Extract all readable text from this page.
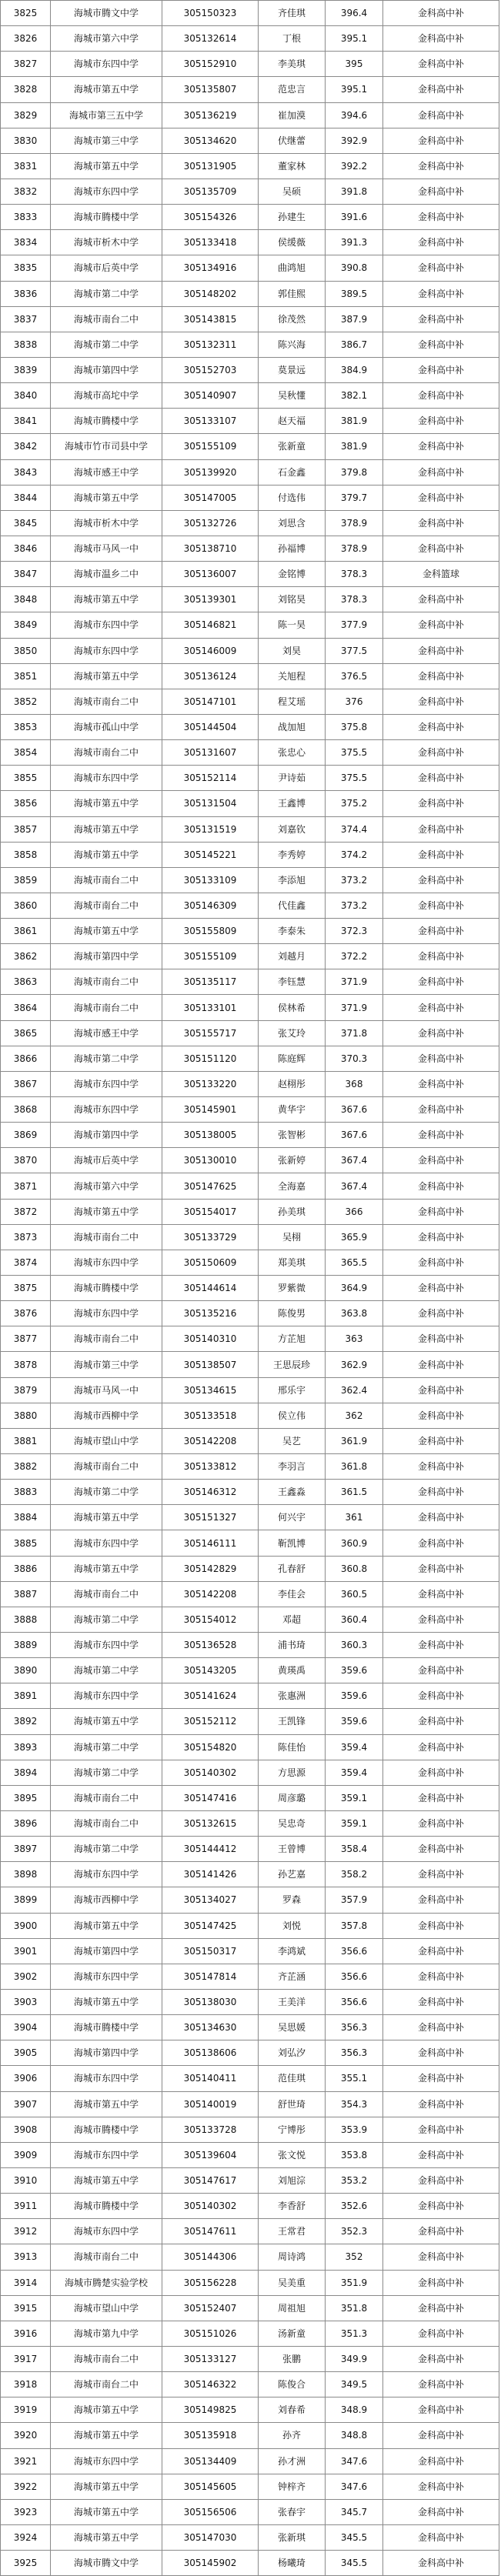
3825	海城市腾文中学	305150323	齐佳琪	396.4	金科高中补
3826	海城市第六中学	305132614	丁根	395.1	金科高中补
3827	海城市东四中学	305152910	李美琪	395	金科高中补
3828	海城市第五中学	305135807	范忠言	395.1	金科高中补
3829	海城市第三五中学	305136219	崔加漠	394.6	金科高中补
3830	海城市第三中学	305134620	伏继蕾	392.9	金科高中补
3831	海城市第五中学	305131905	董家林	392.2	金科高中补
3832	海城市东四中学	305135709	吴硕	391.8	金科高中补
3833	海城市腾楼中学	305154326	孙建生	391.6	金科高中补
3834	海城市析木中学	305133418	侯缓薇	391.3	金科高中补
3835	海城市后英中学	305134916	曲鸿旭	390.8	金科高中补
3836	海城市第二中学	305148202	郭佳熙	389.5	金科高中补
3837	海城市南台二中	305143815	徐茂然	387.9	金科高中补
3838	海城市第二中学	305132311	陈兴海	386.7	金科高中补
3839	海城市第四中学	305152703	莫景远	384.9	金科高中补
3840	海城市高坨中学	305140907	吴秋懂	382.1	金科高中补
3841	海城市腾楼中学	305133107	赵天福	381.9	金科高中补
3842	海城市竹市司县中学	305155109	张新童	381.9	金科高中补
3843	海城市感王中学	305139920	石金鑫	379.8	金科高中补
3844	海城市第五中学	305147005	付选伟	379.7	金科高中补
3845	海城市析木中学	305132726	刘思含	378.9	金科高中补
3846	海城市马风一中	305138710	孙福博	378.9	金科高中补
3847	海城市温乡二中	305136007	金铭博	378.3	金科篮球
3848	海城市第五中学	305139301	刘铭昊	378.3	金科高中补
3849	海城市东四中学	305146821	陈一昊	377.9	金科高中补
3850	海城市东四中学	305146009	刘昊	377.5	金科高中补
3851	海城市第五中学	305136124	关旭程	376.5	金科高中补
3852	海城市南台二中	305147101	程艾瑶	376	金科高中补
3853	海城市孤山中学	305144504	战加旭	375.8	金科高中补
3854	海城市南台二中	305131607	张忠心	375.5	金科高中补
3855	海城市东四中学	305152114	尹诗茹	375.5	金科高中补
3856	海城市第五中学	305131504	王鑫博	375.2	金科高中补
3857	海城市第五中学	305131519	刘嘉钦	374.4	金科高中补
3858	海城市第五中学	305145221	李秀婷	374.2	金科高中补
3859	海城市南台二中	305133109	李添旭	373.2	金科高中补
3860	海城市南台二中	305146309	代佳鑫	373.2	金科高中补
3861	海城市第五中学	305155809	李泰朱	372.3	金科高中补
3862	海城市第四中学	305155109	刘越月	372.2	金科高中补
3863	海城市南台二中	305135117	李钰慧	371.9	金科高中补
3864	海城市南台二中	305133101	侯林希	371.9	金科高中补
3865	海城市感王中学	305155717	张艾玲	371.8	金科高中补
3866	海城市第二中学	305151120	陈庭辉	370.3	金科高中补
3867	海城市东四中学	305133220	赵栩彤	368	金科高中补
3868	海城市东四中学	305145901	黄华宇	367.6	金科高中补
3869	海城市第四中学	305138005	张智彬	367.6	金科高中补
3870	海城市后英中学	305130010	张新婷	367.4	金科高中补
3871	海城市第六中学	305147625	全海嘉	367.4	金科高中补
3872	海城市第五中学	305154017	孙美琪	366	金科高中补
3873	海城市南台二中	305133729	吴栩	365.9	金科高中补
3874	海城市东四中学	305150609	郑美琪	365.5	金科高中补
3875	海城市腾楼中学	305144614	罗紫微	364.9	金科高中补
3876	海城市东四中学	305135216	陈俊男	363.8	金科高中补
3877	海城市南台二中	305140310	方芷旭	363	金科高中补
3878	海城市第三中学	305138507	王思辰珍	362.9	金科高中补
3879	海城市马风一中	305134615	邢乐宇	362.4	金科高中补
3880	海城市西柳中学	305133518	侯立伟	362	金科高中补
3881	海城市望山中学	305142208	吴艺	361.9	金科高中补
3882	海城市南台二中	305133812	李羽言	361.8	金科高中补
3883	海城市第二中学	305146312	王鑫淼	361.5	金科高中补
3884	海城市第五中学	305151327	何兴宇	361	金科高中补
3885	海城市东四中学	305146111	靳凯博	360.9	金科高中补
3886	海城市第五中学	305142829	孔春舒	360.8	金科高中补
3887	海城市南台二中	305142208	李佳会	360.5	金科高中补
3888	海城市第二中学	305154012	邓超	360.4	金科高中补
3889	海城市东四中学	305136528	浦书琦	360.3	金科高中补
3890	海城市第二中学	305143205	黄瑛禹	359.6	金科高中补
3891	海城市东四中学	305141624	张惠洲	359.6	金科高中补
3892	海城市第五中学	305152112	王凯锋	359.6	金科高中补
3893	海城市第二中学	305154820	陈佳怡	359.4	金科高中补
3894	海城市第二中学	305140302	方思源	359.4	金科高中补
3895	海城市南台二中	305147416	周彦璐	359.1	金科高中补
3896	海城市南台二中	305132615	吴忠奇	359.1	金科高中补
3897	海城市第二中学	305144412	王曾博	358.4	金科高中补
3898	海城市东四中学	305141426	孙艺嘉	358.2	金科高中补
3899	海城市西柳中学	305134027	罗森	357.9	金科高中补
3900	海城市第五中学	305147425	刘悦	357.8	金科高中补
3901	海城市第四中学	305150317	李鸿斌	356.6	金科高中补
3902	海城市东四中学	305147814	齐芷涵	356.6	金科高中补
3903	海城市第五中学	305138030	王美洋	356.6	金科高中补
3904	海城市腾楼中学	305134630	吴思媛	356.3	金科高中补
3905	海城市第四中学	305138606	刘弘汐	356.3	金科高中补
3906	海城市东四中学	305140411	范佳琪	355.1	金科高中补
3907	海城市第五中学	305140019	舒世琦	354.3	金科高中补
3908	海城市腾楼中学	305133728	宁博彤	353.9	金科高中补
3909	海城市东四中学	305139604	张文悦	353.8	金科高中补
3910	海城市第五中学	305147617	刘旭淙	353.2	金科高中补
3911	海城市腾楼中学	305140302	李香舒	352.6	金科高中补
3912	海城市东四中学	305147611	王常君	352.3	金科高中补
3913	海城市南台二中	305144306	周诗鸿	352	金科高中补
3914	海城市腾楚实验学校	305156228	吴美重	351.9	金科高中补
3915	海城市望山中学	305152407	周祖旭	351.8	金科高中补
3916	海城市第九中学	305151026	汤新童	351.3	金科高中补
3917	海城市南台二中	305133127	张鹏	349.9	金科高中补
3918	海城市南台二中	305146322	陈俊合	349.5	金科高中补
3919	海城市第五中学	305149825	刘春希	348.9	金科高中补
3920	海城市第五中学	305135918	孙齐	348.8	金科高中补
3921	海城市东四中学	305134409	孙才洲	347.6	金科高中补
3922	海城市第五中学	305145605	钟梓齐	347.6	金科高中补
3923	海城市第五中学	305156506	张春宇	345.7	金科高中补
3924	海城市第五中学	305147030	张新琪	345.5	金科高中补
3925	海城市腾文中学	305145902	杨曦琦	345.5	金科高中补
